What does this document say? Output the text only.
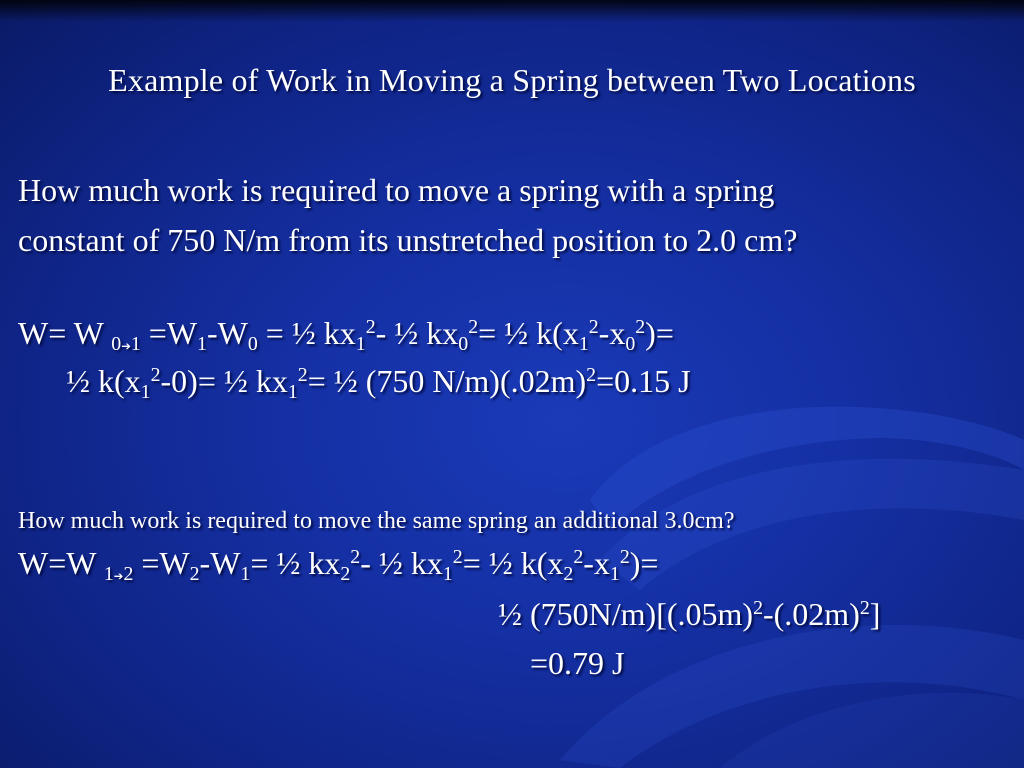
Example of Work in Moving a Spring between Two Locations
How much work is required to move a spring with a spring
constant of 750 N/m from its unstretched position to 2.0 cm?
W= W $_{0➔1} =W_1-W_0$ = ½ $kx_1^2-$ ½ $kx_0^2=$ ½ $k(x_1^2-x_0^2)=$
½ $k(x_1^2-0)=$ ½ $kx_1^2=$ ½ (750 $N/m)(.02m)^2=0.15$ J
How much work is required to move the same spring an additional 3.0cm?
W=W $_{1➔2} =W_2-W_1=$ ½ $kx_2^2-$ ½ $kx_1^2=$ ½ $k(x_2^2-x_1^2)=$
½ $(750N/m)[(.05m)^2-(.02m)^2]$
=0.79 J
